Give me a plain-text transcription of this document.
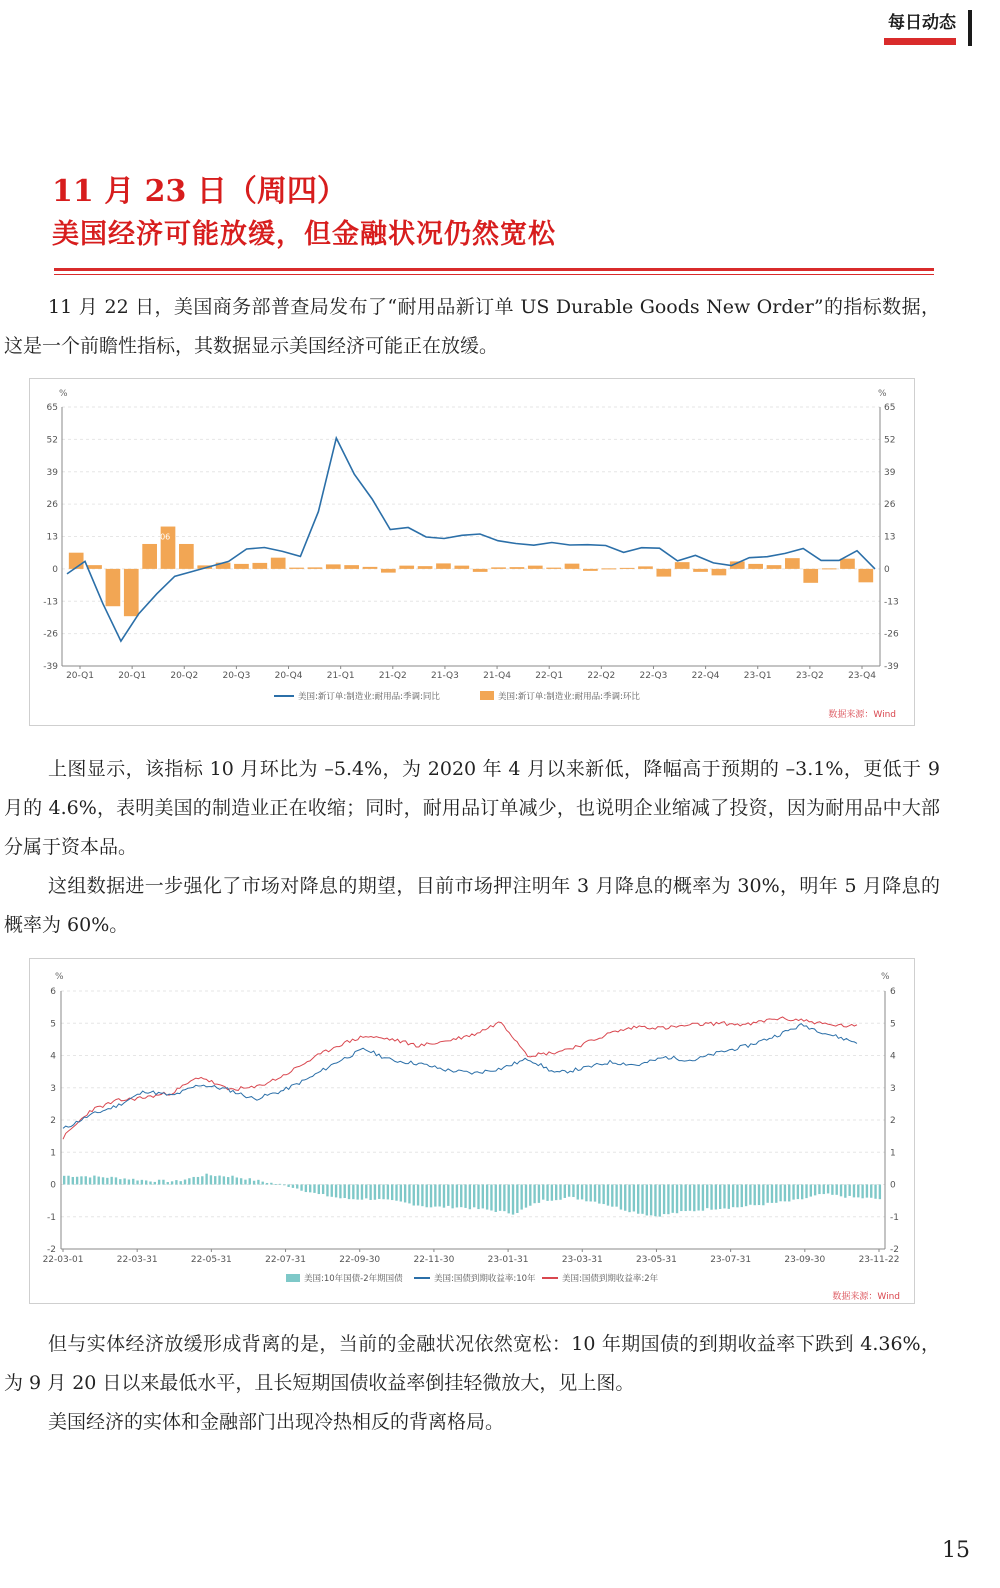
每日动态
11 月 23 日（周四）
美国经济可能放缓，但金融状况仍然宽松

11 月 22 日，美国商务部普查局发布了“耐用品新订单 US Durable Goods New Order”的指标数据，这是一个前瞻性指标，其数据显示美国经济可能正在放缓。

%	%
65	65
52	52
39	39
26	26
13	13
0	0
-13	-13
-26	-26
-39	-39
13.06
20-Q1	20-Q1	20-Q2	20-Q3	20-Q4	21-Q1	21-Q2	21-Q3	21-Q4	22-Q1	22-Q2	22-Q3	22-Q4	23-Q1	23-Q2	23-Q4
美国:新订单:制造业:耐用品:季调:同比	美国:新订单:制造业:耐用品:季调:环比
数据来源：Wind

上图显示，该指标 10 月环比为 –5.4%，为 2020 年 4 月以来新低，降幅高于预期的 –3.1%，更低于 9 月的 4.6%，表明美国的制造业正在收缩；同时，耐用品订单减少，也说明企业缩减了投资，因为耐用品中大部分属于资本品。

这组数据进一步强化了市场对降息的期望，目前市场押注明年 3 月降息的概率为 30%，明年 5 月降息的概率为 60%。

%	%
6	6
5	5
4	4
3	3
2	2
1	1
0	0
-1	-1
-2	-2
22-03-01	22-03-31	22-05-31	22-07-31	22-09-30	22-11-30	23-01-31	23-03-31	23-05-31	23-07-31	23-09-30	23-11-22
美国:10年国债-2年期国债	美国:国债到期收益率:10年	美国:国债到期收益率:2年
数据来源：Wind

但与实体经济放缓形成背离的是，当前的金融状况依然宽松：10 年期国债的到期收益率下跌到 4.36%，为 9 月 20 日以来最低水平，且长短期国债收益率倒挂轻微放大，见上图。

美国经济的实体和金融部门出现冷热相反的背离格局。

15
